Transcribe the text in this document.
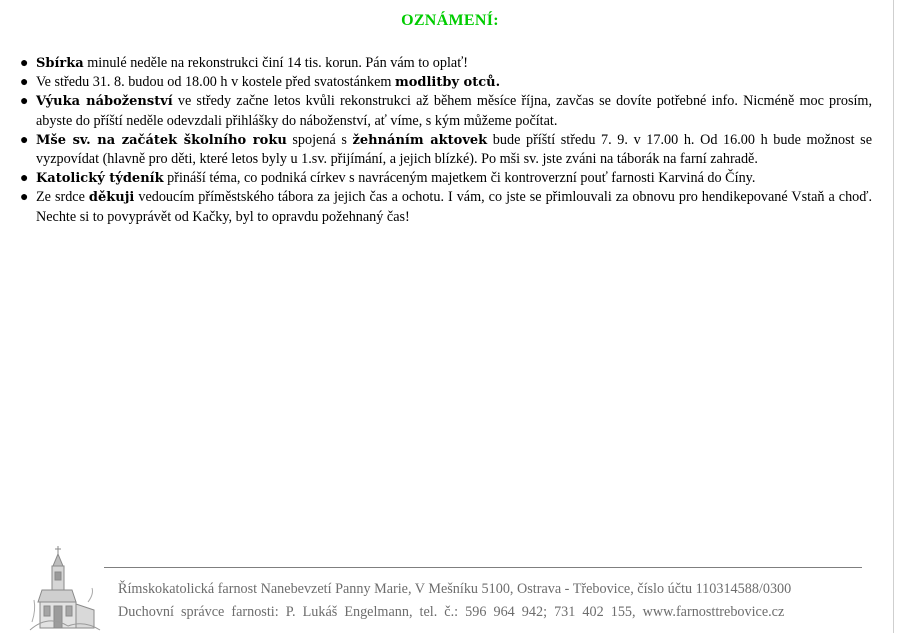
OZNÁMENÍ:
● Sbírka minulé neděle na rekonstrukci činí 14 tis. korun. Pán vám to oplať!
● Ve středu 31. 8. budou od 18.00 h v kostele před svatostánkem modlitby otců.
● Výuka náboženství ve středy začne letos kvůli rekonstrukci až během měsíce října, zavčas se dovíte potřebné info. Nicméně moc prosím, abyste do příští neděle odevzdali přihlášky do náboženství, ať víme, s kým můžeme počítat.
● Mše sv. na začátek školního roku spojená s žehnáním aktovek bude příští středu 7. 9. v 17.00 h. Od 16.00 h bude možnost se vyzpovídat (hlavně pro děti, které letos byly u 1.sv. přijímání, a jejich blízké). Po mši sv. jste zváni na táborák na farní zahradě.
● Katolický týdeník přináší téma, co podniká církev s navráceným majetkem či kontroverzní pouť farnosti Karviná do Číny.
● Ze srdce děkuji vedoucím příměstského tábora za jejich čas a ochotu. I vám, co jste se přimlouvali za obnovu pro hendikepované Vstaň a choď. Nechte si to povyprávět od Kačky, byl to opravdu požehnaný čas!
Římskokatolická farnost Nanebevzetí Panny Marie, V Mešníku 5100, Ostrava - Třebovice, číslo účtu 110314588/0300
Duchovní správce farnosti: P. Lukáš Engelmann, tel. č.: 596 964 942; 731 402 155, www.farnosttrebovice.cz
